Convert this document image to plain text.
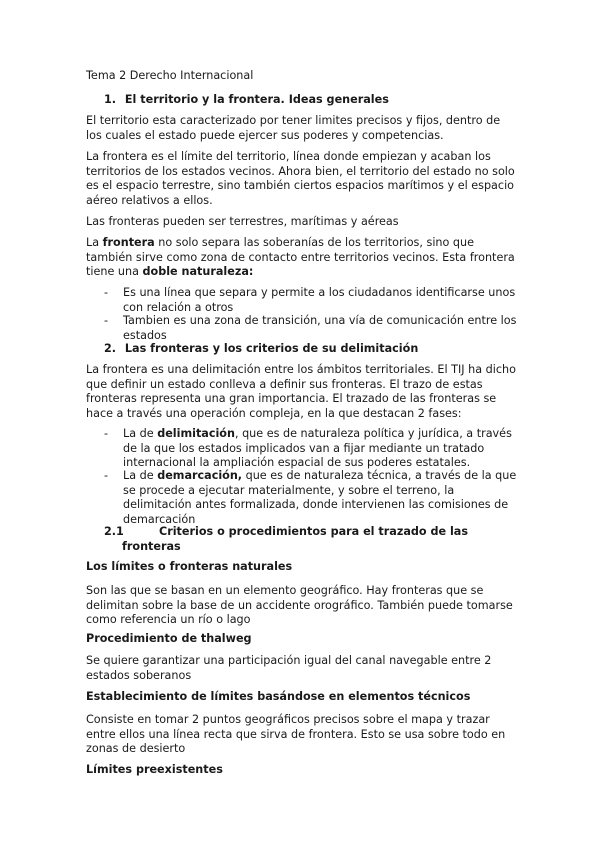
Tema 2 Derecho Internacional
1. El territorio y la frontera. Ideas generales

El territorio esta caracterizado por tener limites precisos y fijos, dentro de los cuales el estado puede ejercer sus poderes y competencias.

La frontera es el límite del territorio, línea donde empiezan y acaban los territorios de los estados vecinos. Ahora bien, el territorio del estado no solo es el espacio terrestre, sino también ciertos espacios marítimos y el espacio aéreo relativos a ellos.

Las fronteras pueden ser terrestres, marítimas y aéreas

La frontera no solo separa las soberanías de los territorios, sino que también sirve como zona de contacto entre territorios vecinos. Esta frontera tiene una doble naturaleza:

- Es una línea que separa y permite a los ciudadanos identificarse unos con relación a otros
- Tambien es una zona de transición, una vía de comunicación entre los estados
2. Las fronteras y los criterios de su delimitación

La frontera es una delimitación entre los ámbitos territoriales. El TIJ ha dicho que definir un estado conlleva a definir sus fronteras. El trazo de estas fronteras representa una gran importancia. El trazado de las fronteras se hace a través una operación compleja, en la que destacan 2 fases:

- La de delimitación, que es de naturaleza política y jurídica, a través de la que los estados implicados van a fijar mediante un tratado internacional la ampliación espacial de sus poderes estatales.
- La de demarcación, que es de naturaleza técnica, a través de la que se procede a ejecutar materialmente, y sobre el terreno, la delimitación antes formalizada, donde intervienen las comisiones de demarcación
2.1	Criterios o procedimientos para el trazado de las fronteras
Los límites o fronteras naturales

Son las que se basan en un elemento geográfico. Hay fronteras que se delimitan sobre la base de un accidente orográfico. También puede tomarse como referencia un río o lago

Procedimiento de thalweg

Se quiere garantizar una participación igual del canal navegable entre 2 estados soberanos

Establecimiento de límites basándose en elementos técnicos

Consiste en tomar 2 puntos geográficos precisos sobre el mapa y trazar entre ellos una línea recta que sirva de frontera. Esto se usa sobre todo en zonas de desierto

Límites preexistentes
